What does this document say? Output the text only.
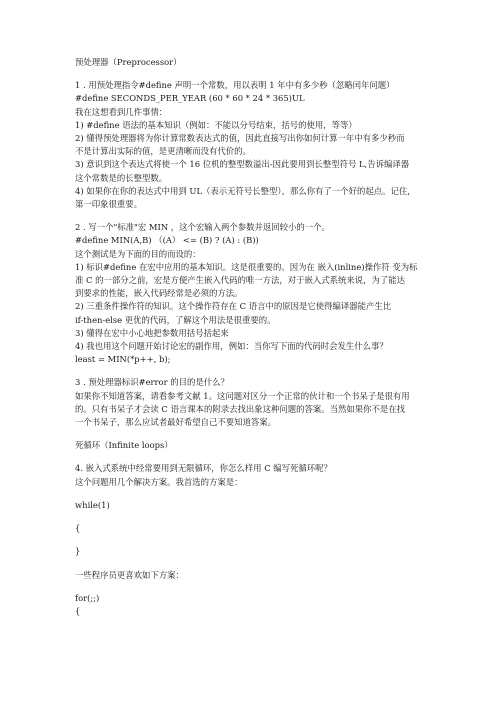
预处理器（Preprocessor）
1 . 用预处理指令#define 声明一个常数，用以表明 1 年中有多少秒（忽略闰年问题）
#define SECONDS_PER_YEAR (60 * 60 * 24 * 365)UL
我在这想看到几件事情：
1) #define 语法的基本知识（例如：不能以分号结束，括号的使用，等等）
2) 懂得预处理器将为你计算常数表达式的值，因此直接写出你如何计算一年中有多少秒而
不是计算出实际的值，是更清晰而没有代价的。
3) 意识到这个表达式将使一个 16 位机的整型数溢出-因此要用到长整型符号 L,告诉编译器
这个常数是的长整型数。
4) 如果你在你的表达式中用到 UL（表示无符号长整型），那么你有了一个好的起点。记住，
第一印象很重要。
2 . 写一个"标准"宏 MIN ，这个宏输入两个参数并返回较小的一个。
#define MIN(A,B) （(A） <= (B) ? (A) : (B))
这个测试是为下面的目的而设的：
1) 标识#define 在宏中应用的基本知识。这是很重要的。因为在 嵌入(inline)操作符 变为标
准 C 的一部分之前，宏是方便产生嵌入代码的唯一方法，对于嵌入式系统来说，为了能达
到要求的性能，嵌入代码经常是必须的方法。
2) 三重条件操作符的知识。这个操作符存在 C 语言中的原因是它使得编译器能产生比
if-then-else 更优的代码，了解这个用法是很重要的。
3) 懂得在宏中小心地把参数用括号括起来
4) 我也用这个问题开始讨论宏的副作用，例如：当你写下面的代码时会发生什么事？
least = MIN(*p++, b);
3 . 预处理器标识#error 的目的是什么？
如果你不知道答案，请看参考文献 1。这问题对区分一个正常的伙计和一个书呆子是很有用
的。只有书呆子才会读 C 语言课本的附录去找出象这种问题的答案。当然如果你不是在找
一个书呆子，那么应试者最好希望自己不要知道答案。
死循环（Infinite loops）
4. 嵌入式系统中经常要用到无限循环，你怎么样用 C 编写死循环呢？
这个问题用几个解决方案。我首选的方案是：
while(1)
{
}
一些程序员更喜欢如下方案：
for(;;)
{
